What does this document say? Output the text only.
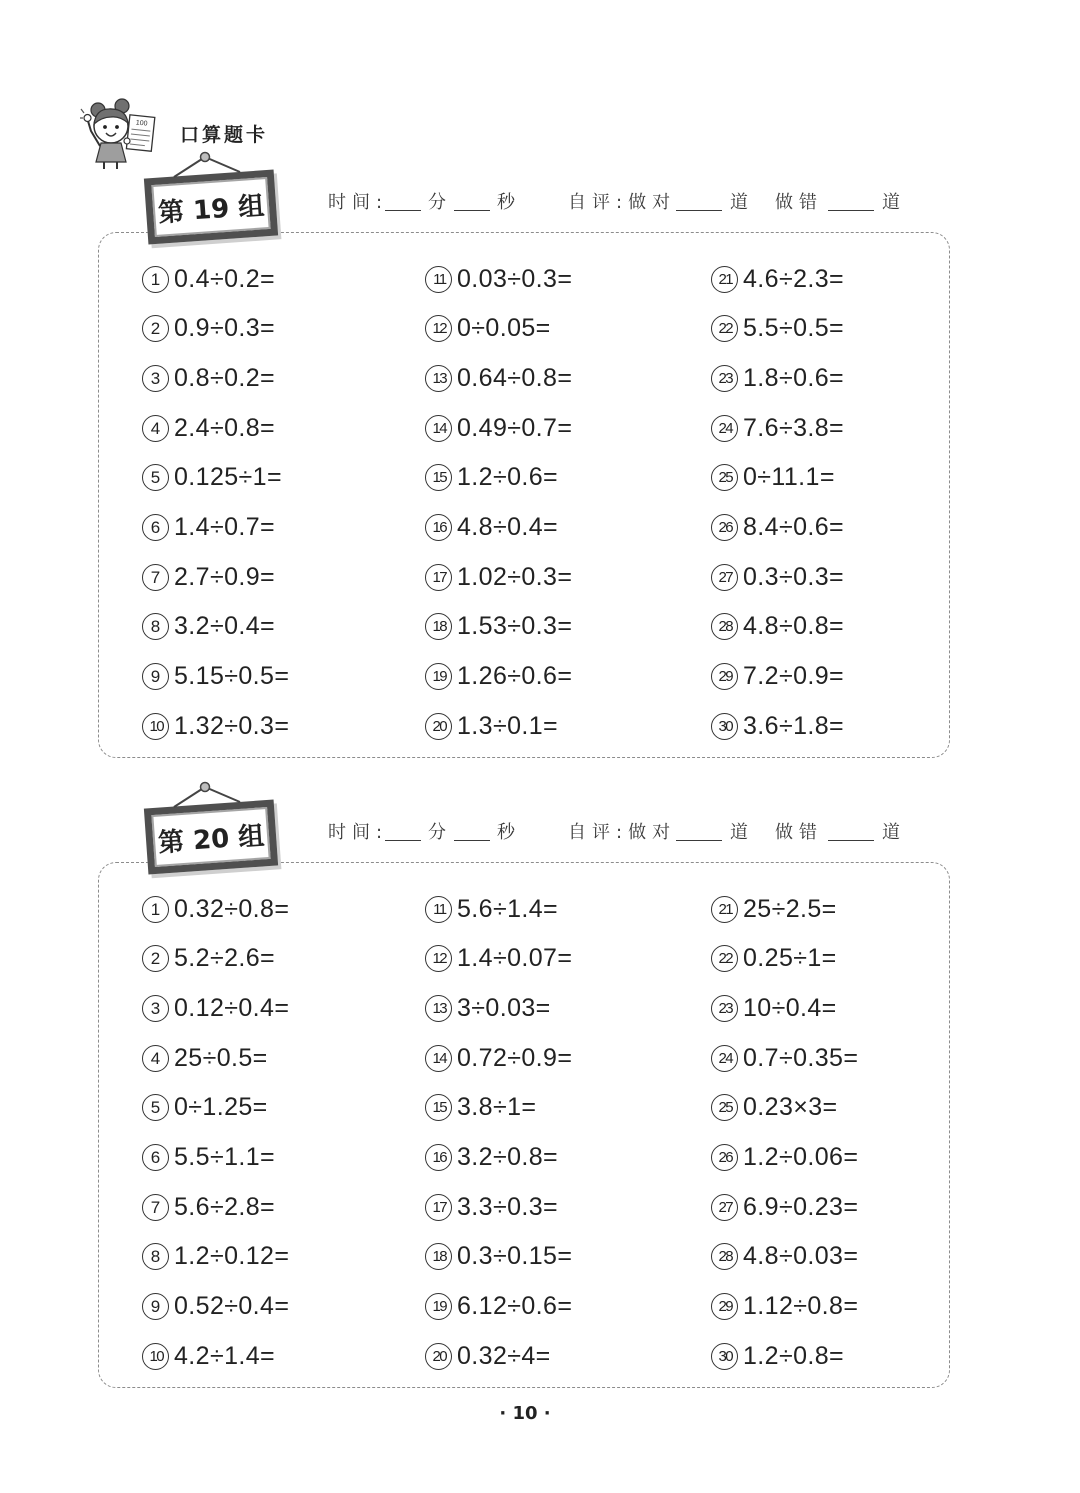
100
口算题卡
第 19 组	时间: 分	秒	自评:做对	道 做错	道
1 0.4÷0.2=
2 0.9÷0.3=
3 0.8÷0.2=
4 2.4÷0.8=
5 0.125÷1=
6 1.4÷0.7=
7 2.7÷0.9=
8 3.2÷0.4=
9 5.15÷0.5=
10 1.32÷0.3=
11 0.03÷0.3=
12 0÷0.05=
13 0.64÷0.8=
14 0.49÷0.7=
15 1.2÷0.6=
16 4.8÷0.4=
17 1.02÷0.3=
18 1.53÷0.3=
19 1.26÷0.6=
20 1.3÷0.1=
21 4.6÷2.3=
22 5.5÷0.5=
23 1.8÷0.6=
24 7.6÷3.8=
25 0÷11.1=
26 8.4÷0.6=
27 0.3÷0.3=
28 4.8÷0.8=
29 7.2÷0.9=
30 3.6÷1.8=
第 20 组	时间: 分	秒	自评:做对	道 做错	道
1 0.32÷0.8=
2 5.2÷2.6=
3 0.12÷0.4=
4 25÷0.5=
5 0÷1.25=
6 5.5÷1.1=
7 5.6÷2.8=
8 1.2÷0.12=
9 0.52÷0.4=
10 4.2÷1.4=
11 5.6÷1.4=
12 1.4÷0.07=
13 3÷0.03=
14 0.72÷0.9=
15 3.8÷1=
16 3.2÷0.8=
17 3.3÷0.3=
18 0.3÷0.15=
19 6.12÷0.6=
20 0.32÷4=
21 25÷2.5=
22 0.25÷1=
23 10÷0.4=
24 0.7÷0.35=
25 0.23×3=
26 1.2÷0.06=
27 6.9÷0.23=
28 4.8÷0.03=
29 1.12÷0.8=
30 1.2÷0.8=
· 10 ·
